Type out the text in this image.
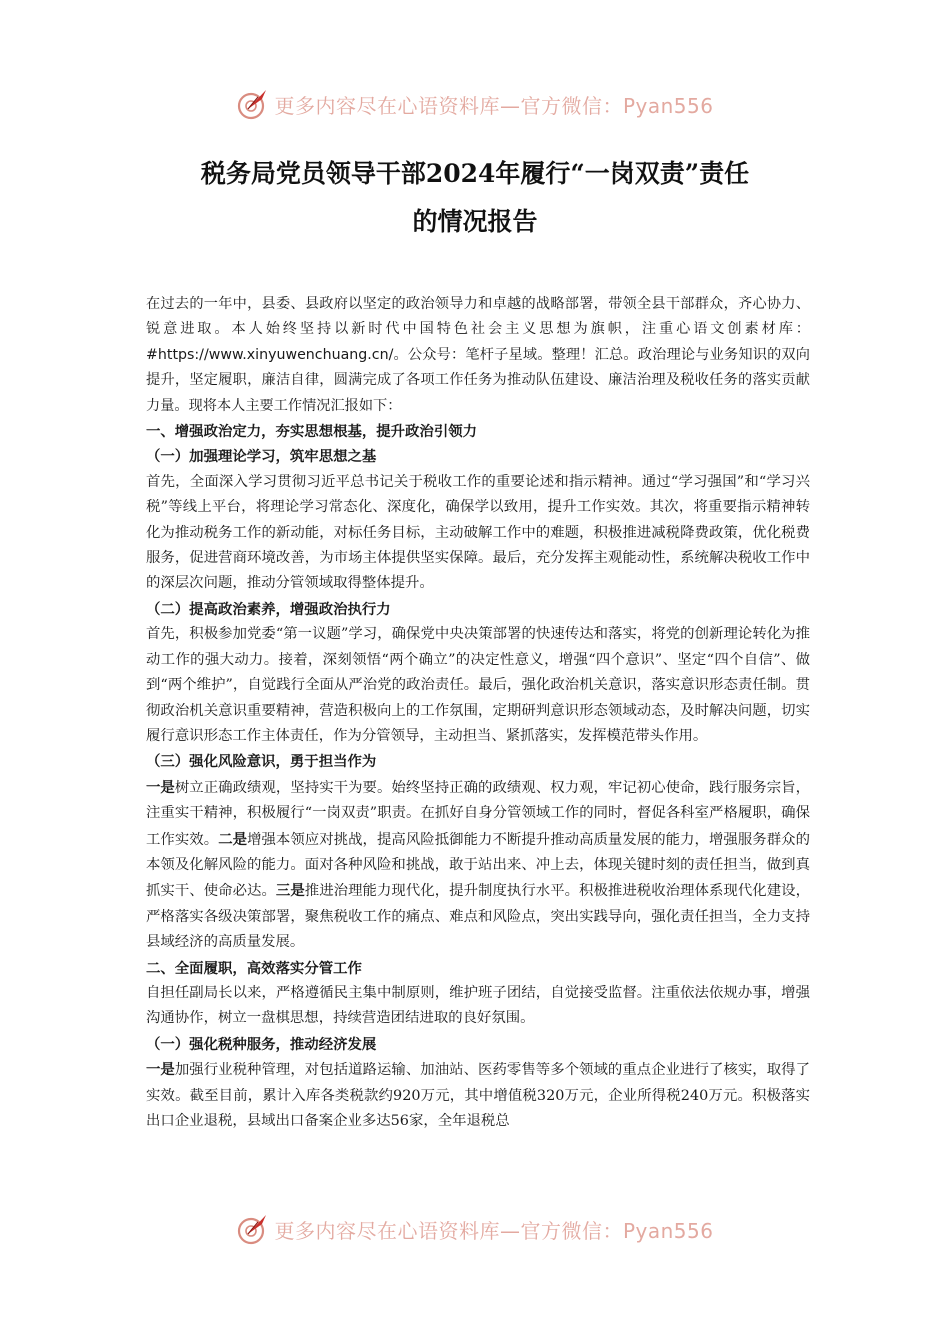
更多内容尽在心语资料库—官方微信：Pyan556
税务局党员领导干部2024年履行“一岗双责”责任
的情况报告

在过去的一年中，县委、县政府以坚定的政治领导力和卓越的战略部署，带领全县干部群众，齐心协力、锐意进取。本人始终坚持以新时代中国特色社会主义思想为旗帜，注重心语文创素材库：#https://www.xinyuwenchuang.cn/。公众号：笔杆子星域。整理！汇总。政治理论与业务知识的双向提升，坚定履职，廉洁自律，圆满完成了各项工作任务为推动队伍建设、廉洁治理及税收任务的落实贡献力量。现将本人主要工作情况汇报如下：

一、增强政治定力，夯实思想根基，提升政治引领力

（一）加强理论学习，筑牢思想之基

首先，全面深入学习贯彻习近平总书记关于税收工作的重要论述和指示精神。通过“学习强国”和“学习兴税”等线上平台，将理论学习常态化、深度化，确保学以致用，提升工作实效。其次，将重要指示精神转化为推动税务工作的新动能，对标任务目标，主动破解工作中的难题，积极推进减税降费政策，优化税费服务，促进营商环境改善，为市场主体提供坚实保障。最后，充分发挥主观能动性，系统解决税收工作中的深层次问题，推动分管领域取得整体提升。

（二）提高政治素养，增强政治执行力

首先，积极参加党委“第一议题”学习，确保党中央决策部署的快速传达和落实，将党的创新理论转化为推动工作的强大动力。接着，深刻领悟“两个确立”的决定性意义，增强“四个意识”、坚定“四个自信”、做到“两个维护”，自觉践行全面从严治党的政治责任。最后，强化政治机关意识，落实意识形态责任制。贯彻政治机关意识重要精神，营造积极向上的工作氛围，定期研判意识形态领域动态，及时解决问题，切实履行意识形态工作主体责任，作为分管领导，主动担当、紧抓落实，发挥模范带头作用。

（三）强化风险意识，勇于担当作为

一是树立正确政绩观，坚持实干为要。始终坚持正确的政绩观、权力观，牢记初心使命，践行服务宗旨，注重实干精神，积极履行“一岗双责”职责。在抓好自身分管领域工作的同时，督促各科室严格履职，确保工作实效。二是增强本领应对挑战，提高风险抵御能力不断提升推动高质量发展的能力，增强服务群众的本领及化解风险的能力。面对各种风险和挑战，敢于站出来、冲上去，体现关键时刻的责任担当，做到真抓实干、使命必达。三是推进治理能力现代化，提升制度执行水平。积极推进税收治理体系现代化建设，严格落实各级决策部署，聚焦税收工作的痛点、难点和风险点，突出实践导向，强化责任担当，全力支持县域经济的高质量发展。

二、全面履职，高效落实分管工作

自担任副局长以来，严格遵循民主集中制原则，维护班子团结，自觉接受监督。注重依法依规办事，增强沟通协作，树立一盘棋思想，持续营造团结进取的良好氛围。

（一）强化税种服务，推动经济发展

一是加强行业税种管理，对包括道路运输、加油站、医药零售等多个领域的重点企业进行了核实，取得了实效。截至目前，累计入库各类税款约920万元，其中增值税320万元，企业所得税240万元。积极落实出口企业退税，县域出口备案企业多达56家，全年退税总

更多内容尽在心语资料库—官方微信：Pyan556
